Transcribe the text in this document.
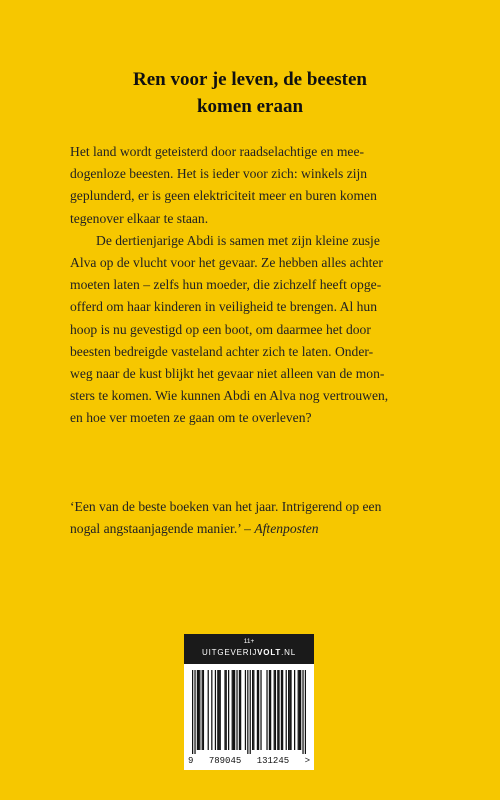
Ren voor je leven, de beesten
komen eraan
Het land wordt geteisterd door raadselachtige en mee-
dogenloze beesten. Het is ieder voor zich: winkels zijn
geplunderd, er is geen elektriciteit meer en buren komen
tegenover elkaar te staan.
De dertienjarige Abdi is samen met zijn kleine zusje
Alva op de vlucht voor het gevaar. Ze hebben alles achter
moeten laten – zelfs hun moeder, die zichzelf heeft opge-
offerd om haar kinderen in veiligheid te brengen. Al hun
hoop is nu gevestigd op een boot, om daarmee het door
beesten bedreigde vasteland achter zich te laten. Onder-
weg naar de kust blijkt het gevaar niet alleen van de mon-
sters te komen. Wie kunnen Abdi en Alva nog vertrouwen,
en hoe ver moeten ze gaan om te overleven?
‘Een van de beste boeken van het jaar. Intrigerend op een
nogal angstaanjagende manier.’ – Aftenposten
11+
UITGEVERIJVOLT.NL
9 789045 131245 >
